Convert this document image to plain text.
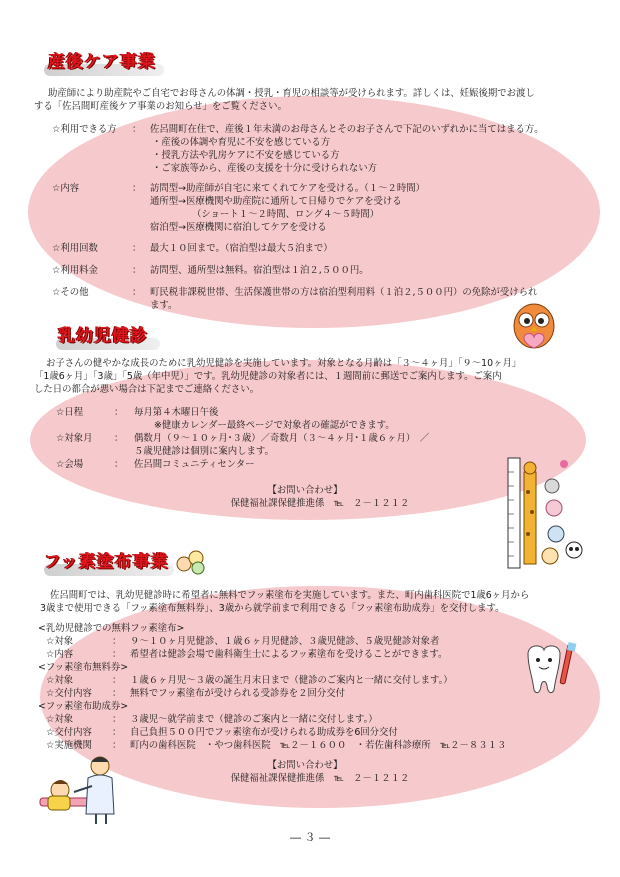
産後ケア事業
助産師により助産院やご自宅でお母さんの体調・授乳・育児の相談等が受けられます。詳しくは、妊娠後期でお渡し
する「佐呂間町産後ケア事業のお知らせ」をご覧ください。
☆利用できる方 ： 佐呂間町在住で、産後１年未満のお母さんとそのお子さんで下記のいずれかに当てはまる方。
・産後の体調や育児に不安を感じている方
・授乳方法や乳房ケアに不安を感じている方
・ご家族等から、産後の支援を十分に受けられない方
☆内容	： 訪問型→助産師が自宅に来てくれてケアを受ける。（１～２時間）
通所型→医療機関や助産院に通所して日帰りでケアを受ける
（ショート１～２時間、ロング４～５時間）
宿泊型→医療機関に宿泊してケアを受ける
☆利用回数	： 最大１０回まで。（宿泊型は最大５泊まで）
☆利用料金	： 訪問型、通所型は無料。宿泊型は１泊２,５００円。
☆その他	： 町民税非課税世帯、生活保護世帯の方は宿泊型利用料（１泊２,５００円）の免除が受けられ
ます。
乳幼児健診
お子さんの健やかな成長のために乳幼児健診を実施しています。対象となる月齢は「３～４ヶ月」「９～10ヶ月」
「1歳6ヶ月」「3歳」「5歳（年中児）」です。乳幼児健診の対象者には、１週間前に郵送でご案内します。ご案内
した日の都合が悪い場合は下記までご連絡ください。
☆日程	： 毎月第４木曜日午後
※健康カレンダー最終ページで対象者の確認ができます。
☆対象月 ： 偶数月（９～１０ヶ月･３歳）／奇数月（３～４ヶ月･１歳６ヶ月）　／
５歳児健診は個別に案内します。
☆会場	： 佐呂間コミュニティセンター
【お問い合わせ】
保健福祉課保健推進係　℡　２－１２１２
フッ素塗布事業
佐呂間町では、乳幼児健診時に希望者に無料でフッ素塗布を実施しています。また、町内歯科医院で1歳6ヶ月から
3歳まで使用できる「フッ素塗布無料券」、3歳から就学前まで利用できる「フッ素塗布助成券」を交付します。
<乳幼児健診での無料フッ素塗布>
☆対象	： ９～１０ヶ月児健診、１歳６ヶ月児健診、３歳児健診、５歳児健診対象者
☆内容	： 希望者は健診会場で歯科衛生士によるフッ素塗布を受けることができます。
<フッ素塗布無料券>
☆対象	： １歳６ヶ月児～３歳の誕生月末日まで（健診のご案内と一緒に交付します。）
☆交付内容 ： 無料でフッ素塗布が受けられる受診券を２回分交付
<フッ素塗布助成券>
☆対象	： ３歳児～就学前まで（健診のご案内と一緒に交付します。）
☆交付内容 ： 自己負担５００円でフッ素塗布が受けられる助成券を6回分交付
☆実施機関 ： 町内の歯科医院　・やつ歯科医院　℡２－１６００　・若佐歯科診療所　℡２－８３１３
【お問い合わせ】
保健福祉課保健推進係　℡　２－１２１２
― ３ ―
